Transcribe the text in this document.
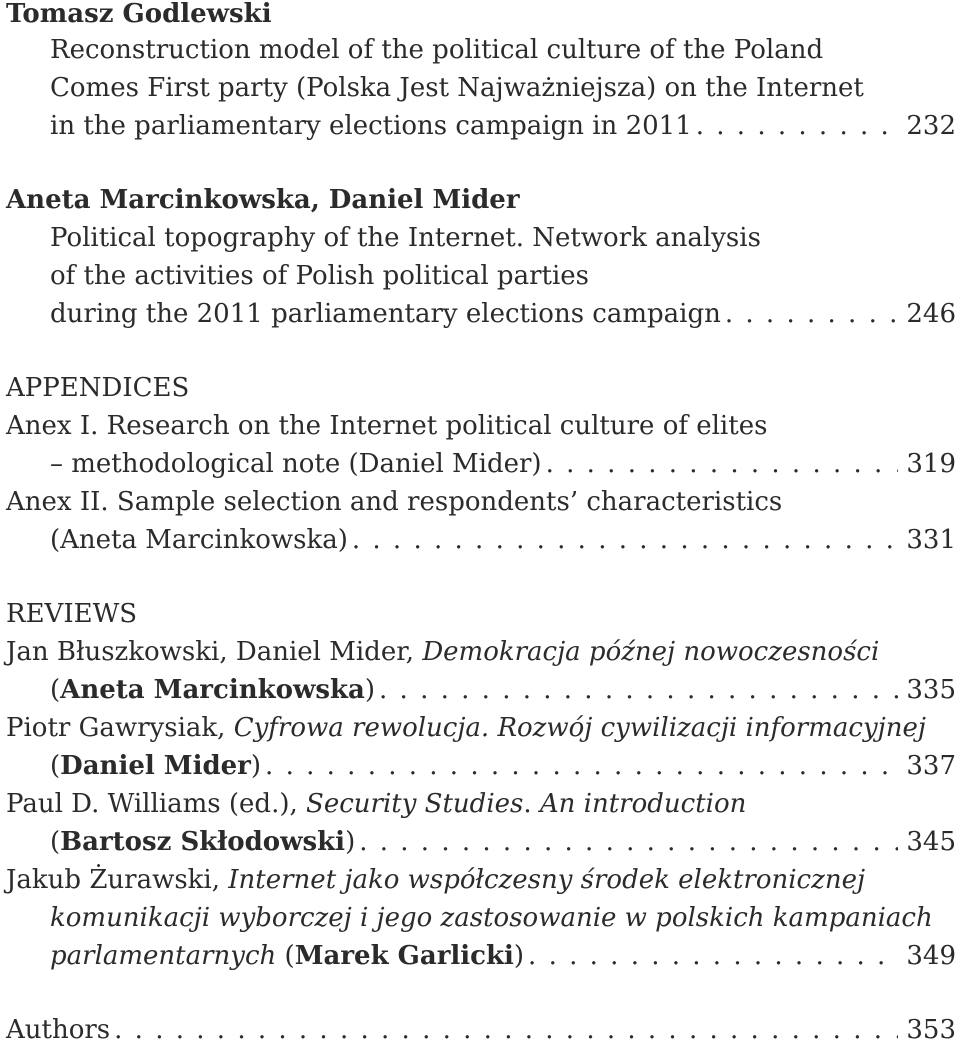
Tomasz Godlewski
Reconstruction model of the political culture of the Poland
Comes First party (Polska Jest Najważniejsza) on the Internet
in the parliamentary elections campaign in 2011 . . .	232
Aneta Marcinkowska, Daniel Mider
Political topography of the Internet. Network analysis
of the activities of Polish political parties
during the 2011 parliamentary elections campaign . . .	246
APPENDICES
Anex I. Research on the Internet political culture of elites
– methodological note (Daniel Mider) . . .	319
Anex II. Sample selection and respondents’ characteristics
(Aneta Marcinkowska) . . .	331
REVIEWS
Jan Błuszkowski, Daniel Mider, Demokracja późnej nowoczesności
(Aneta Marcinkowska) . . .	335
Piotr Gawrysiak, Cyfrowa rewolucja. Rozwój cywilizacji informacyjnej
(Daniel Mider) . . .	337
Paul D. Williams (ed.), Security Studies. An introduction
(Bartosz Skłodowski) . . .	345
Jakub Żurawski, Internet jako współczesny środek elektronicznej
komunikacji wyborczej i jego zastosowanie w polskich kampaniach
parlamentarnych (Marek Garlicki) . . .	349
Authors . . .	353
